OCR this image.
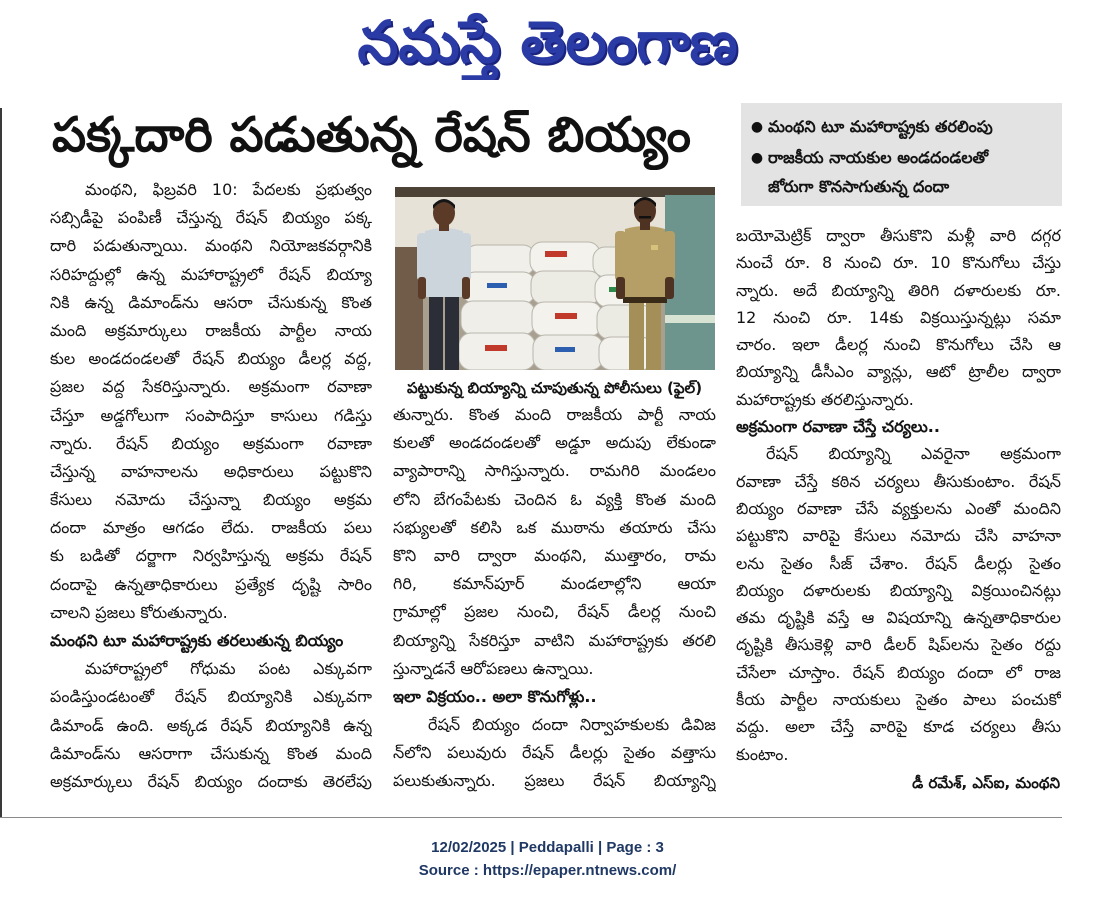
నమస్తే తెలంగాణ
పక్కదారి పడుతున్న రేషన్ బియ్యం	● మంథని టూ మహారాష్ట్రకు తరలింపు
● రాజకీయ నాయకుల అండదండలతో
జోరుగా కొనసాగుతున్న దందా
మంథని, ఫిబ్రవరి 10: పేదలకు ప్రభుత్వం
సబ్సిడీపై పంపిణీ చేస్తున్న రేషన్ బియ్యం పక్క
దారి పడుతున్నాయి. మంథని నియోజకవర్గానికి
సరిహద్దుల్లో ఉన్న మహారాష్ట్రలో రేషన్ బియ్యా
నికి ఉన్న డిమాండ్‌ను ఆసరా చేసుకున్న కొంత
మంది అక్రమార్కులు రాజకీయ పార్టీల నాయ
కుల అండదండలతో రేషన్ బియ్యం డీలర్ల వద్ద,
ప్రజల వద్ద సేకరిస్తున్నారు. అక్రమంగా రవాణా
చేస్తూ అడ్డగోలుగా సంపాదిస్తూ కాసులు గడిస్తు
న్నారు. రేషన్ బియ్యం అక్రమంగా రవాణా
చేస్తున్న వాహనాలను అధికారులు పట్టుకొని
కేసులు నమోదు చేస్తున్నా బియ్యం అక్రమ
దందా మాత్రం ఆగడం లేదు. రాజకీయ పలు
కు బడితో దర్జాగా నిర్వహిస్తున్న అక్రమ రేషన్
దందాపై ఉన్నతాధికారులు ప్రత్యేక దృష్టి సారిం
చాలని ప్రజలు కోరుతున్నారు.
మంథని టూ మహారాష్ట్రకు తరలుతున్న బియ్యం
మహారాష్ట్రలో గోధుమ పంట ఎక్కువగా
పండిస్తుండటంతో రేషన్ బియ్యానికి ఎక్కువగా
డిమాండ్ ఉంది. అక్కడ రేషన్ బియ్యానికి ఉన్న
డిమాండ్‌ను ఆసరాగా చేసుకున్న కొంత మంది
అక్రమార్కులు రేషన్ బియ్యం దందాకు తెరలేపు
పట్టుకున్న బియ్యాన్ని చూపుతున్న పోలీసులు (ఫైల్)
తున్నారు. కొంత మంది రాజకీయ పార్టీ నాయ
కులతో అండదండలతో అడ్డూ అదుపు లేకుండా
వ్యాపారాన్ని సాగిస్తున్నారు. రామగిరి మండలం
లోని బేగంపేటకు చెందిన ఓ వ్యక్తి కొంత మంది
సభ్యులతో కలిసి ఒక ముఠాను తయారు చేసు
కొని వారి ద్వారా మంథని, ముత్తారం, రామ
గిరి, కమాన్‌పూర్ మండలాల్లోని ఆయా
గ్రామాల్లో ప్రజల నుంచి, రేషన్ డీలర్ల నుంచి
బియ్యాన్ని సేకరిస్తూ వాటిని మహారాష్ట్రకు తరలి
స్తున్నాడనే ఆరోపణలు ఉన్నాయి.
ఇలా విక్రయం.. అలా కొనుగోళ్లు..
రేషన్ బియ్యం దందా నిర్వాహకులకు డివిజ
న్‌లోని పలువురు రేషన్ డీలర్లు సైతం వత్తాసు
పలుకుతున్నారు. ప్రజలు రేషన్ బియ్యాన్ని
బయోమెట్రిక్ ద్వారా తీసుకొని మళ్లీ వారి దగ్గర
నుంచే రూ. 8 నుంచి రూ. 10 కొనుగోలు చేస్తు
న్నారు. అదే బియ్యాన్ని తిరిగి దళారులకు రూ.
12 నుంచి రూ. 14కు విక్రయిస్తున్నట్లు సమా
చారం. ఇలా డీలర్ల నుంచి కొనుగోలు చేసి ఆ
బియ్యాన్ని డీసీఎం వ్యాన్లు, ఆటో ట్రాలీల ద్వారా
మహారాష్ట్రకు తరలిస్తున్నారు.
అక్రమంగా రవాణా చేస్తే చర్యలు..
రేషన్ బియ్యాన్ని ఎవరైనా అక్రమంగా
రవాణా చేస్తే కఠిన చర్యలు తీసుకుంటాం. రేషన్
బియ్యం రవాణా చేసే వ్యక్తులను ఎంతో మందిని
పట్టుకొని వారిపై కేసులు నమోదు చేసి వాహనా
లను సైతం సీజ్ చేశాం. రేషన్ డీలర్లు సైతం
బియ్యం దళారులకు బియ్యాన్ని విక్రయించినట్లు
తమ దృష్టికి వస్తే ఆ విషయాన్ని ఉన్నతాధికారుల
దృష్టికి తీసుకెళ్లి వారి డీలర్ షిప్‌లను సైతం రద్దు
చేసేలా చూస్తాం. రేషన్ బియ్యం దందా లో రాజ
కీయ పార్టీల నాయకులు సైతం పాలు పంచుకో
వద్దు. అలా చేస్తే వారిపై కూడ చర్యలు తీసు
కుంటాం.
డీ రమేశ్, ఎస్ఐ, మంథని
12/02/2025 | Peddapalli | Page : 3
Source : https://epaper.ntnews.com/
